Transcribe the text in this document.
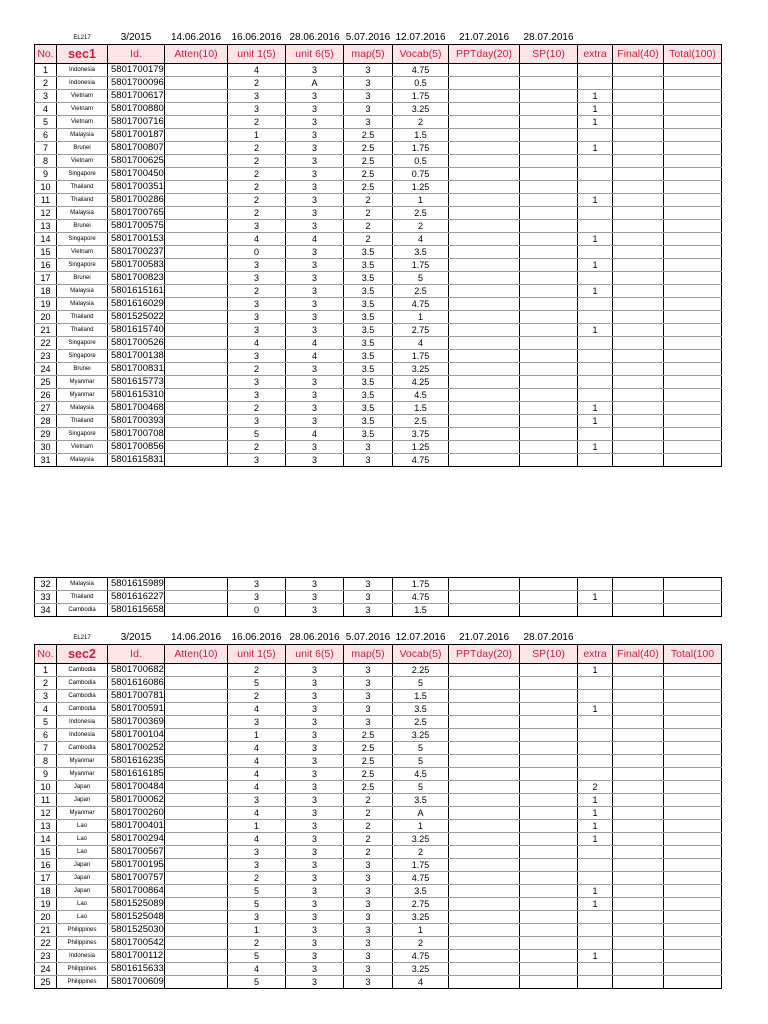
	EL217	3/2015	14.06.2016	16.06.2016	28.06.2016	5.07.2016	12.07.2016	21.07.2016	28.07.2016			
No.	sec1	Id.	Atten(10)	unit 1(5)	unit 6(5)	map(5)	Vocab(5)	PPTday(20)	SP(10)	extra	Final(40)	Total(100)
1	Indonesia	5801700179		4	3	3	4.75					
2	Indonesia	5801700096		2	A	3	0.5					
3	Vietnam	5801700617		3	3	3	1.75			1		
4	Vietnam	5801700880		3	3	3	3.25			1		
5	Vietnam	5801700716		2	3	3	2			1		
6	Malaysia	5801700187		1	3	2.5	1.5					
7	Brunei	5801700807		2	3	2.5	1.75			1		
8	Vietnam	5801700625		2	3	2.5	0.5					
9	Singapore	5801700450		2	3	2.5	0.75					
10	Thailand	5801700351		2	3	2.5	1.25					
11	Thailand	5801700286		2	3	2	1			1		
12	Malaysia	5801700765		2	3	2	2.5					
13	Brunei	5801700575		3	3	2	2					
14	Singapore	5801700153		4	4	2	4			1		
15	Vietnam	5801700237		0	3	3.5	3.5					
16	Singapore	5801700583		3	3	3.5	1.75			1		
17	Brunei	5801700823		3	3	3.5	5					
18	Malaysia	5801615161		2	3	3.5	2.5			1		
19	Malaysia	5801616029		3	3	3.5	4.75					
20	Thailand	5801525022		3	3	3.5	1					
21	Thailand	5801615740		3	3	3.5	2.75			1		
22	Singapore	5801700526		4	4	3.5	4					
23	Singapore	5801700138		3	4	3.5	1.75					
24	Brunei	5801700831		2	3	3.5	3.25					
25	Myanmar	5801615773		3	3	3.5	4.25					
26	Myanmar	5801615310		3	3	3.5	4.5					
27	Malaysia	5801700468		2	3	3.5	1.5			1		
28	Thailand	5801700393		3	3	3.5	2.5			1		
29	Singapore	5801700708		5	4	3.5	3.75					
30	Vietnam	5801700856		2	3	3	1.25			1		
31	Malaysia	5801615831		3	3	3	4.75					
32	Malaysia	5801615989		3	3	3	1.75					
33	Thailand	5801616227		3	3	3	4.75			1		
34	Cambodia	5801615658		0	3	3	1.5					
	EL217	3/2015	14.06.2016	16.06.2016	28.06.2016	5.07.2016	12.07.2016	21.07.2016	28.07.2016			
No.	sec2	Id.	Atten(10)	unit 1(5)	unit 6(5)	map(5)	Vocab(5)	PPTday(20)	SP(10)	extra	Final(40)	Total(100
1	Cambodia	5801700682		2	3	3	2.25			1		
2	Cambodia	5801616086		5	3	3	5					
3	Cambodia	5801700781		2	3	3	1.5					
4	Cambodia	5801700591		4	3	3	3.5			1		
5	Indonesia	5801700369		3	3	3	2.5					
6	Indonesia	5801700104		1	3	2.5	3.25					
7	Cambodia	5801700252		4	3	2.5	5					
8	Myanmar	5801616235		4	3	2.5	5					
9	Myanmar	5801616185		4	3	2.5	4.5					
10	Japan	5801700484		4	3	2.5	5			2		
11	Japan	5801700062		3	3	2	3.5			1		
12	Myanmar	5801700260		4	3	2	A			1		
13	Lao	5801700401		1	3	2	1			1		
14	Lao	5801700294		4	3	2	3.25			1		
15	Lao	5801700567		3	3	2	2					
16	Japan	5801700195		3	3	3	1.75					
17	Japan	5801700757		2	3	3	4.75					
18	Japan	5801700864		5	3	3	3.5			1		
19	Lao	5801525089		5	3	3	2.75			1		
20	Lao	5801525048		3	3	3	3.25					
21	Philippines	5801525030		1	3	3	1					
22	Philippines	5801700542		2	3	3	2					
23	Indonesia	5801700112		5	3	3	4.75			1		
24	Philippines	5801615633		4	3	3	3.25					
25	Philippines	5801700609		5	3	3	4					
